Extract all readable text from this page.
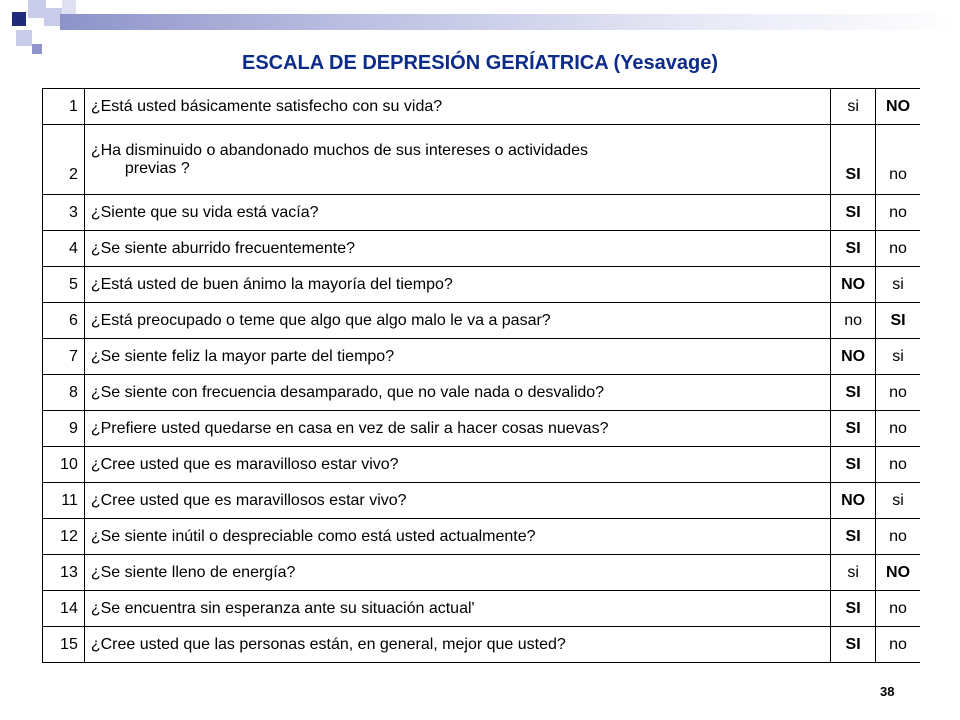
ESCALA DE DEPRESIÓN GERÍATRICA (Yesavage)
1	¿Está usted básicamente satisfecho con su vida?	si	NO
2	¿Ha disminuido o abandonado muchos de sus intereses o actividades
previas ?	SI	no
3	¿Siente que su vida está vacía?	SI	no
4	¿Se siente aburrido frecuentemente?	SI	no
5	¿Está usted de buen ánimo la mayoría del tiempo?	NO	si
6	¿Está preocupado o teme que algo que algo malo le va a pasar?	no	SI
7	¿Se siente feliz la mayor parte del tiempo?	NO	si
8	¿Se siente con frecuencia desamparado, que no vale nada o desvalido?	SI	no
9	¿Prefiere usted quedarse en casa en vez de salir a hacer cosas nuevas?	SI	no
10	¿Cree usted que es maravilloso estar vivo?	SI	no
11	¿Cree usted que es maravillosos estar vivo?	NO	si
12	¿Se siente inútil o despreciable como está usted actualmente?	SI	no
13	¿Se siente lleno de energía?	si	NO
14	¿Se encuentra sin esperanza ante su situación actual'	SI	no
15	¿Cree usted que las personas están, en general, mejor que usted?	SI	no
38
